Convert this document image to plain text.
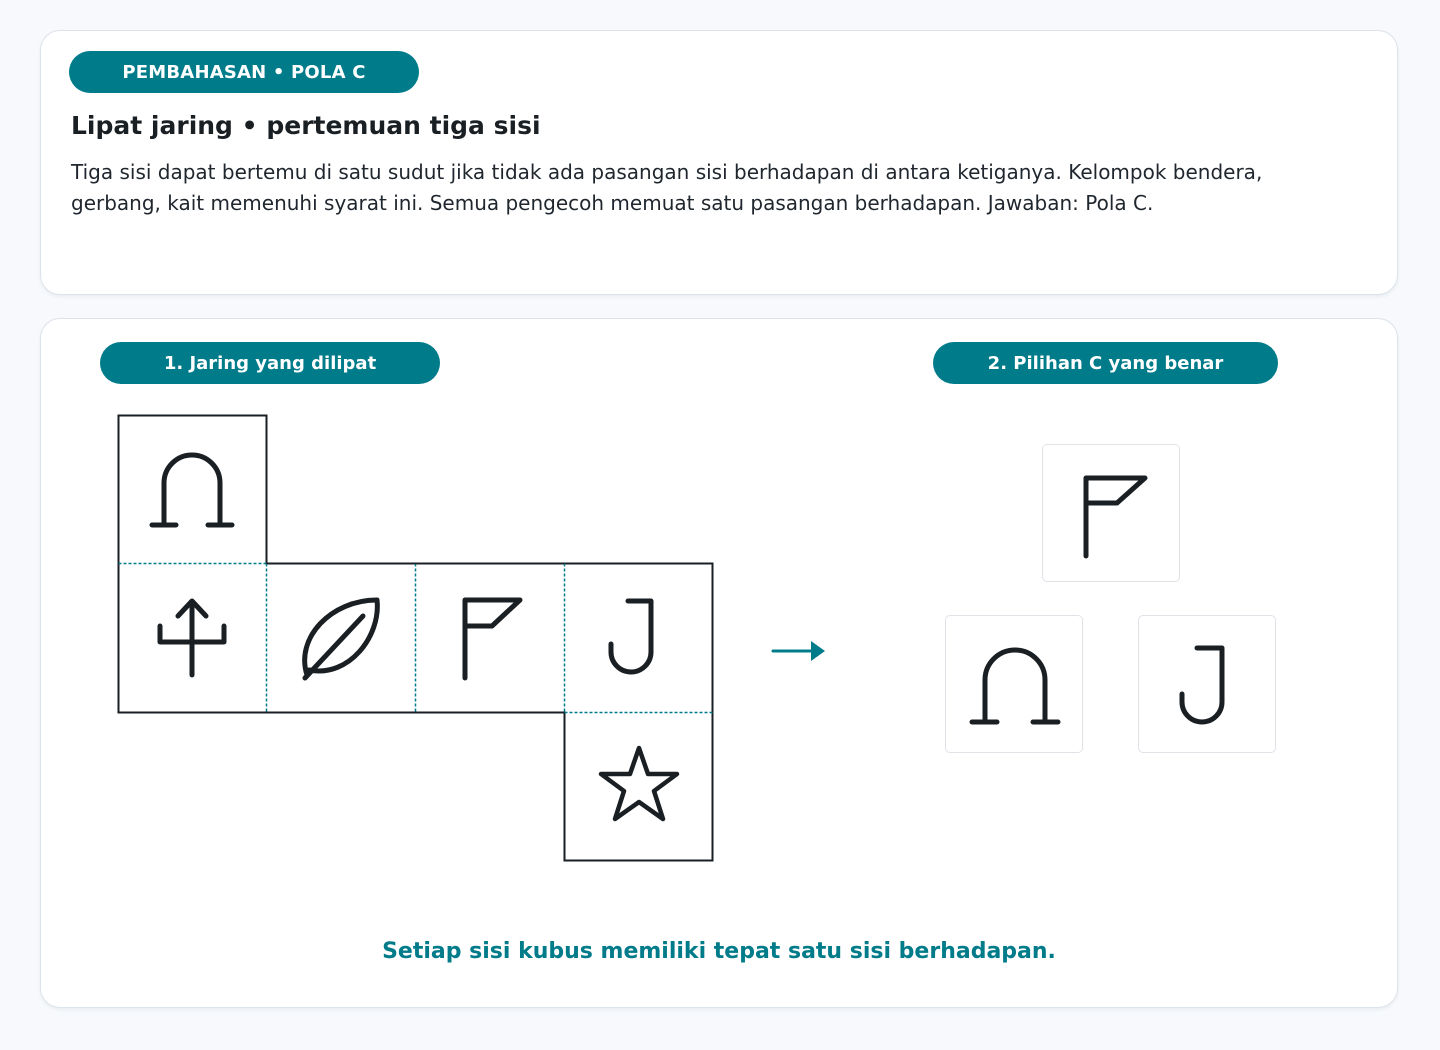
PEMBAHASAN • POLA C
Lipat jaring • pertemuan tiga sisi
Tiga sisi dapat bertemu di satu sudut jika tidak ada pasangan sisi berhadapan di antara ketiganya. Kelompok bendera, gerbang, kait memenuhi syarat ini. Semua pengecoh memuat satu pasangan berhadapan. Jawaban: Pola C.
1. Jaring yang dilipat	2. Pilihan C yang benar
Setiap sisi kubus memiliki tepat satu sisi berhadapan.
